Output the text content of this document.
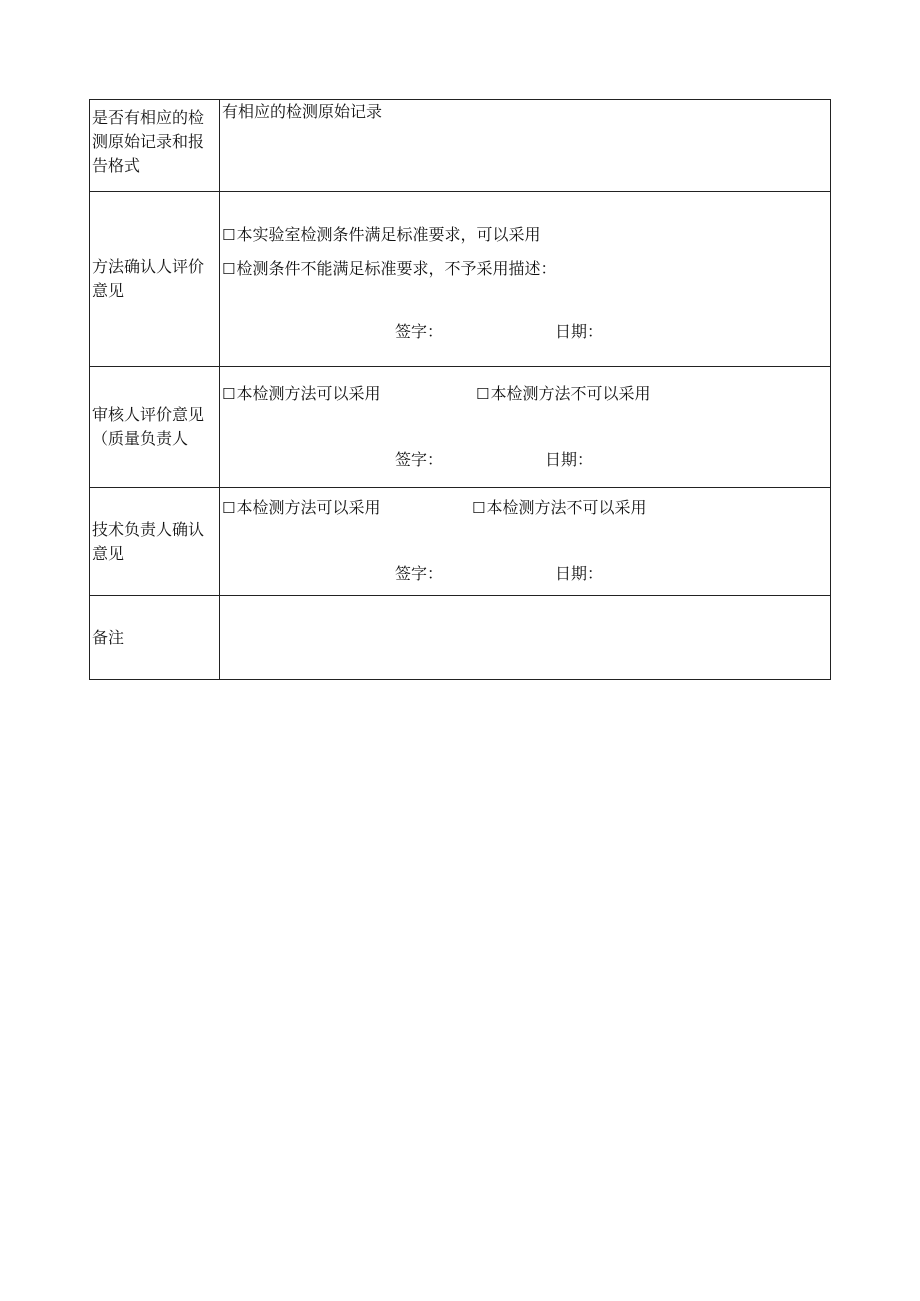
是否有相应的检测原始记录和报告格式	有相应的检测原始记录

方法确认人评价意见	☐本实验室检测条件满足标准要求，可以采用
☐检测条件不能满足标准要求，不予采用描述：
签字： 日期：

审核人评价意见（质量负责人	☐本检测方法可以采用 ☐本检测方法不可以采用
签字： 日期：

技术负责人确认意见	☐本检测方法可以采用 ☐本检测方法不可以采用
签字： 日期：

备注	
